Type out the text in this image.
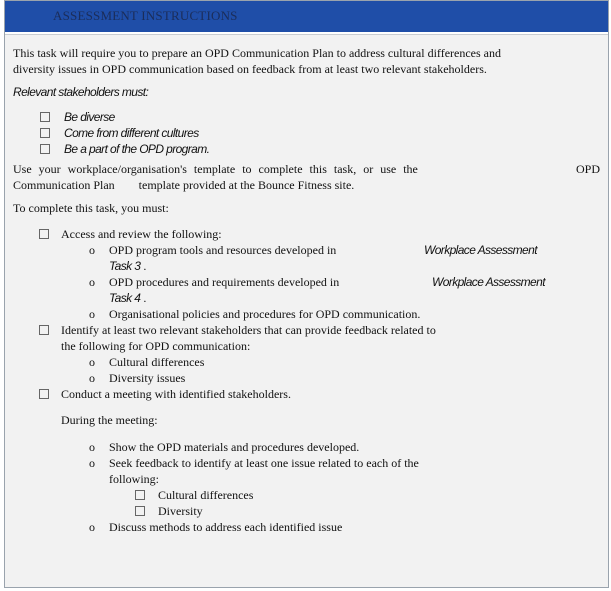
ASSESSMENT INSTRUCTIONS

This task will require you to prepare an OPD Communication Plan to address cultural differences and diversity issues in OPD communication based on feedback from at least two relevant stakeholders.

Relevant stakeholders must:

Be diverse
Come from different cultures
Be a part of the OPD program.
Use your workplace/organisation's template to complete this task, or use the	OPD
Communication Plan template provided at the Bounce Fitness site.

To complete this task, you must:

Access and review the following:
o OPD program tools and resources developed in	Workplace Assessment
Task 3 .
o OPD procedures and requirements developed in	Workplace Assessment
Task 4 .
o Organisational policies and procedures for OPD communication.
Identify at least two relevant stakeholders that can provide feedback related to
the following for OPD communication:
o Cultural differences
o Diversity issues
Conduct a meeting with identified stakeholders.
During the meeting:
o Show the OPD materials and procedures developed.
o Seek feedback to identify at least one issue related to each of the
following:
Cultural differences
Diversity
o Discuss methods to address each identified issue
